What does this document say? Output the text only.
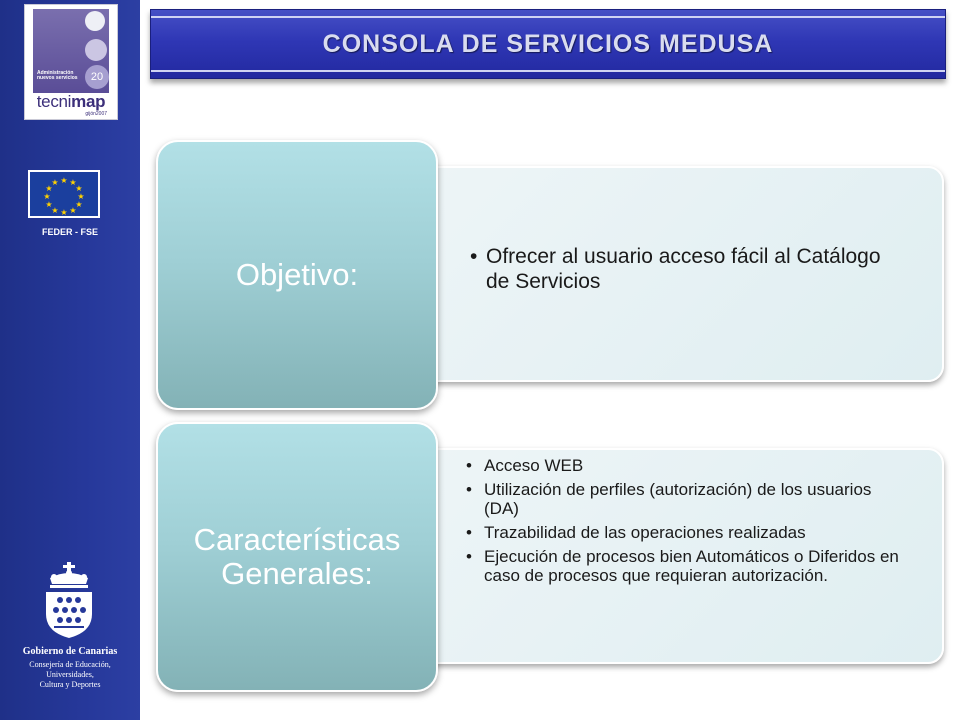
20
Administración nuevos servicios
tecnimap
gijón2007
★ ★
★
★
★
★
★
★
★
★
★
★
FEDER - FSE
Gobierno de Canarias
Consejería de Educación,
Universidades,
Cultura y Deportes
CONSOLA DE SERVICIOS MEDUSA
• Ofrecer al usuario acceso fácil al Catálogo de Servicios
Objetivo:
• Acceso WEB
• Utilización de perfiles (autorización) de los usuarios (DA)
• Trazabilidad de las operaciones realizadas
• Ejecución de procesos bien Automáticos o Diferidos en caso de procesos que requieran autorización.
Características
Generales:
